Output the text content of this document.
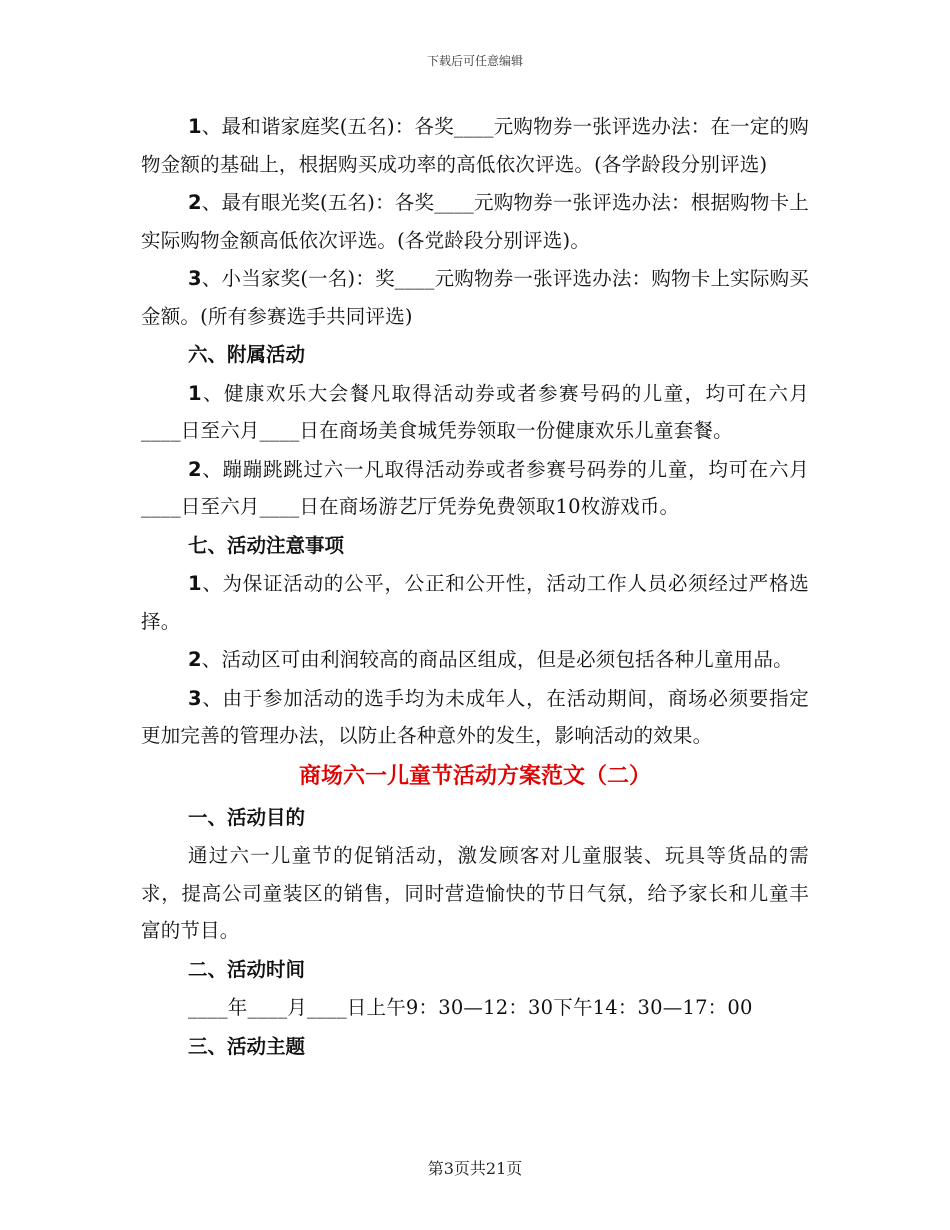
下载后可任意编辑
1、最和谐家庭奖(五名)：各奖____元购物券一张评选办法：在一定的购物金额的基础上，根据购买成功率的高低依次评选。(各学龄段分别评选)
2、最有眼光奖(五名)：各奖____元购物券一张评选办法：根据购物卡上实际购物金额高低依次评选。(各党龄段分别评选)。
3、小当家奖(一名)：奖____元购物券一张评选办法：购物卡上实际购买金额。(所有参赛选手共同评选)
六、附属活动
1、健康欢乐大会餐凡取得活动券或者参赛号码的儿童，均可在六月____日至六月____日在商场美食城凭券领取一份健康欢乐儿童套餐。
2、蹦蹦跳跳过六一凡取得活动券或者参赛号码券的儿童，均可在六月____日至六月____日在商场游艺厅凭券免费领取10枚游戏币。
七、活动注意事项
1、为保证活动的公平，公正和公开性，活动工作人员必须经过严格选择。
2、活动区可由利润较高的商品区组成，但是必须包括各种儿童用品。
3、由于参加活动的选手均为未成年人，在活动期间，商场必须要指定更加完善的管理办法，以防止各种意外的发生，影响活动的效果。
商场六一儿童节活动方案范文（二）
一、活动目的
通过六一儿童节的促销活动，激发顾客对儿童服装、玩具等货品的需求，提高公司童装区的销售，同时营造愉快的节日气氛，给予家长和儿童丰富的节目。
二、活动时间
____年____月____日上午9：30—12：30下午14：30—17：00
三、活动主题
第3页共21页
